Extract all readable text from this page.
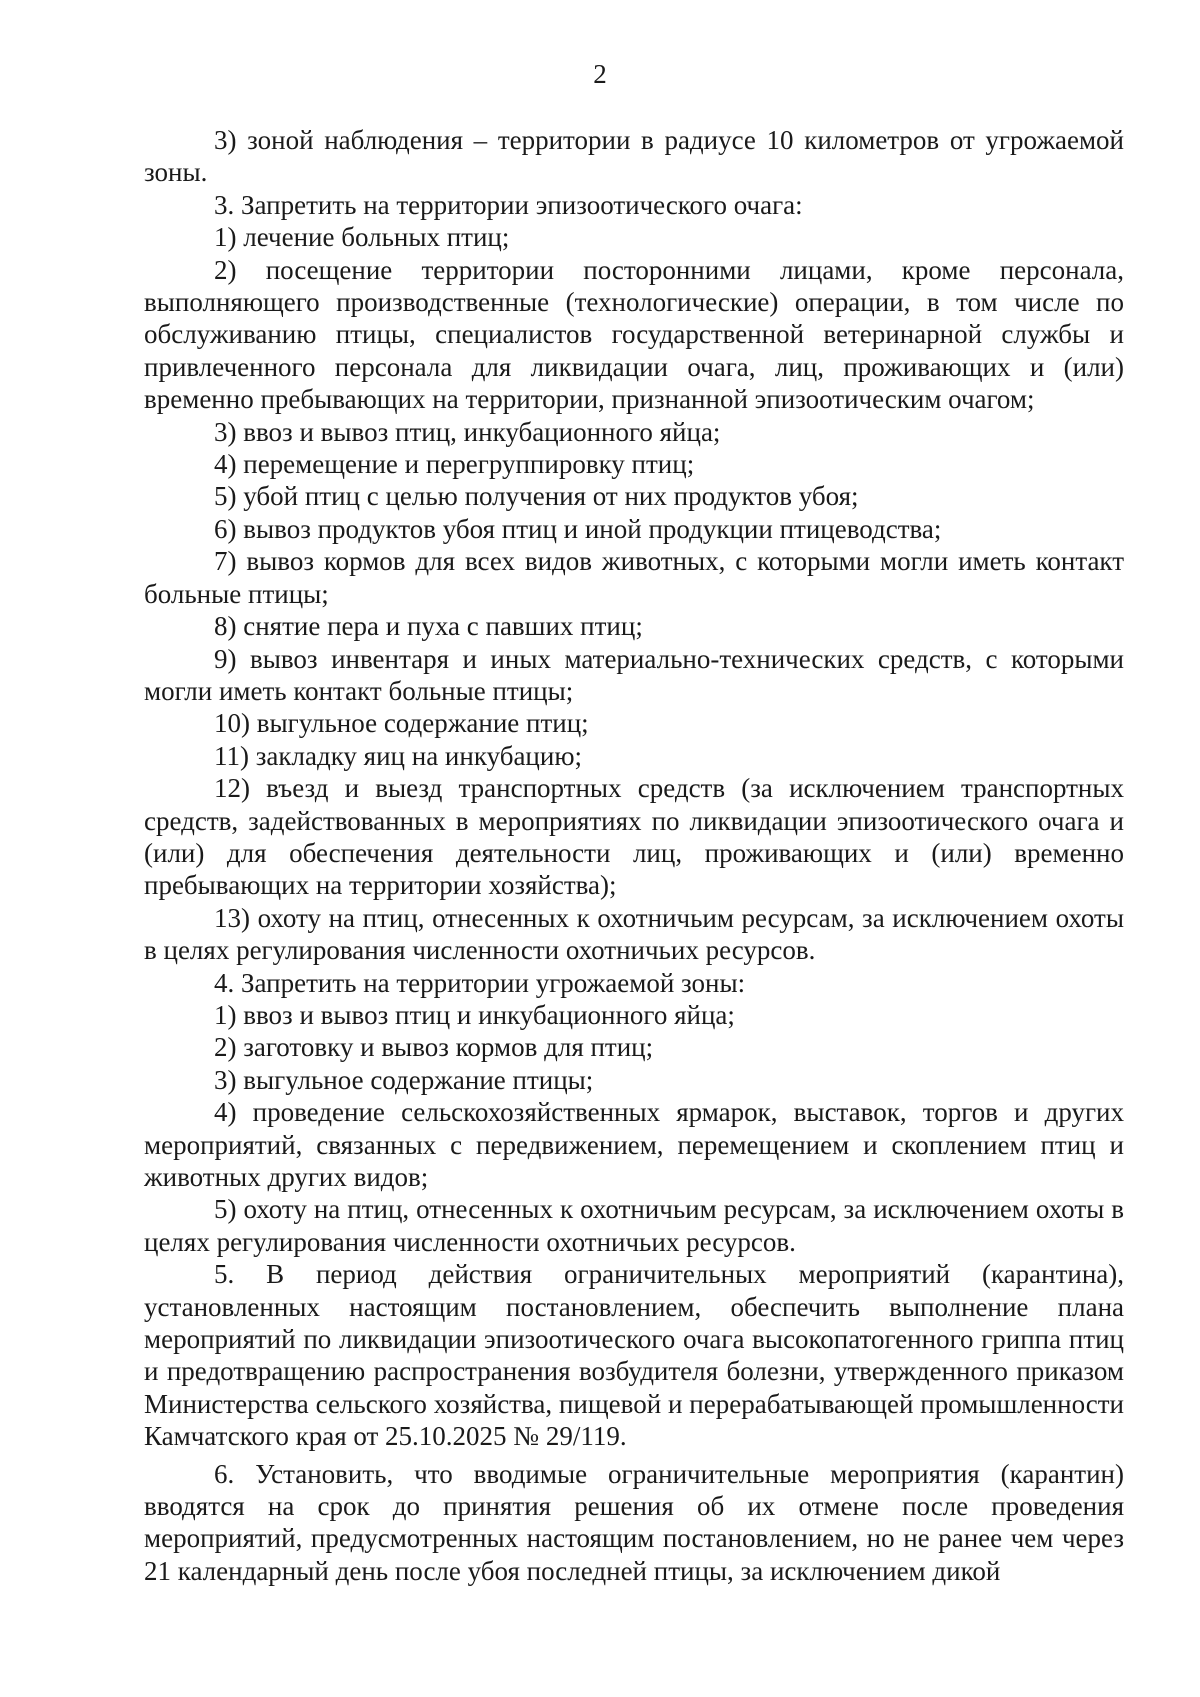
2

3) зоной наблюдения – территории в радиусе 10 километров от угрожаемой зоны.

3. Запретить на территории эпизоотического очага:

1) лечение больных птиц;

2) посещение территории посторонними лицами, кроме персонала, выполняющего производственные (технологические) операции, в том числе по обслуживанию птицы, специалистов государственной ветеринарной службы и привлеченного персонала для ликвидации очага, лиц, проживающих и (или) временно пребывающих на территории, признанной эпизоотическим очагом;

3) ввоз и вывоз птиц, инкубационного яйца;

4) перемещение и перегруппировку птиц;

5) убой птиц с целью получения от них продуктов убоя;

6) вывоз продуктов убоя птиц и иной продукции птицеводства;

7) вывоз кормов для всех видов животных, с которыми могли иметь контакт больные птицы;

8) снятие пера и пуха с павших птиц;

9) вывоз инвентаря и иных материально-технических средств, с которыми могли иметь контакт больные птицы;

10) выгульное содержание птиц;

11) закладку яиц на инкубацию;

12) въезд и выезд транспортных средств (за исключением транспортных средств, задействованных в мероприятиях по ликвидации эпизоотического очага и (или) для обеспечения деятельности лиц, проживающих и (или) временно пребывающих на территории хозяйства);

13) охоту на птиц, отнесенных к охотничьим ресурсам, за исключением охоты в целях регулирования численности охотничьих ресурсов.

4. Запретить на территории угрожаемой зоны:

1) ввоз и вывоз птиц и инкубационного яйца;

2) заготовку и вывоз кормов для птиц;

3) выгульное содержание птицы;

4) проведение сельскохозяйственных ярмарок, выставок, торгов и других мероприятий, связанных с передвижением, перемещением и скоплением птиц и животных других видов;

5) охоту на птиц, отнесенных к охотничьим ресурсам, за исключением охоты в целях регулирования численности охотничьих ресурсов.

5. В период действия ограничительных мероприятий (карантина), установленных настоящим постановлением, обеспечить выполнение плана мероприятий по ликвидации эпизоотического очага высокопатогенного гриппа птиц и предотвращению распространения возбудителя болезни, утвержденного приказом Министерства сельского хозяйства, пищевой и перерабатывающей промышленности Камчатского края от 25.10.2025 № 29/119.

6. Установить, что вводимые ограничительные мероприятия (карантин) вводятся на срок до принятия решения об их отмене после проведения мероприятий, предусмотренных настоящим постановлением, но не ранее чем через 21 календарный день после убоя последней птицы, за исключением дикой
